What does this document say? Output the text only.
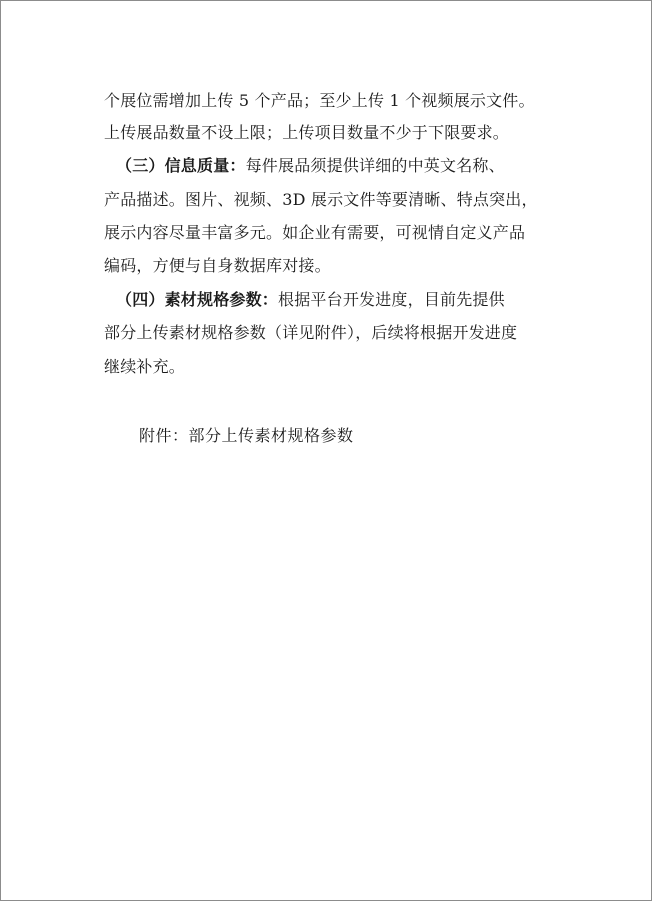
个展位需增加上传 5 个产品；至少上传 1 个视频展示文件。
上传展品数量不设上限；上传项目数量不少于下限要求。
（三）信息质量：每件展品须提供详细的中英文名称、
产品描述。图片、视频、3D 展示文件等要清晰、特点突出，
展示内容尽量丰富多元。如企业有需要，可视情自定义产品
编码，方便与自身数据库对接。
（四）素材规格参数：根据平台开发进度，目前先提供
部分上传素材规格参数（详见附件），后续将根据开发进度
继续补充。
附件：部分上传素材规格参数
